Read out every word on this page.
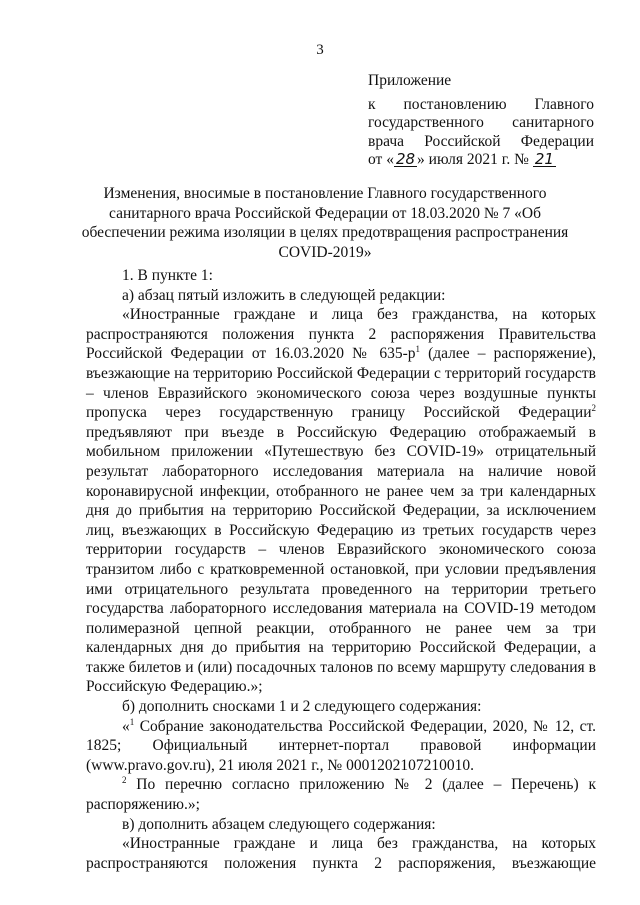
3
Приложение
к постановлению Главного
государственного санитарного
врача Российской Федерации
от « 28 » июля 2021 г. № 21
Изменения, вносимые в постановление Главного государственного санитарного врача Российской Федерации от 18.03.2020 № 7 «Об обеспечении режима изоляции в целях предотвращения распространения COVID-2019»

1. В пункте 1:

а) абзац пятый изложить в следующей редакции:

«Иностранные граждане и лица без гражданства, на которых распространяются положения пункта 2 распоряжения Правительства Российской Федерации от 16.03.2020 № $635-р^1$ (далее – распоряжение), въезжающие на территорию Российской Федерации с территорий государств – членов Евразийского экономического союза через воздушные пункты пропуска через государственную границу Российской Федерации$^2$ предъявляют при въезде в Российскую Федерацию отображаемый в мобильном приложении «Путешествую без COVID-19» отрицательный результат лабораторного исследования материала на наличие новой коронавирусной инфекции, отобранного не ранее чем за три календарных дня до прибытия на территорию Российской Федерации, за исключением лиц, въезжающих в Российскую Федерацию из третьих государств через территории государств – членов Евразийского экономического союза транзитом либо с кратковременной остановкой, при условии предъявления ими отрицательного результата проведенного на территории третьего государства лабораторного исследования материала на COVID-19 методом полимеразной цепной реакции, отобранного не ранее чем за три календарных дня до прибытия на территорию Российской Федерации, а также билетов и (или) посадочных талонов по всему маршруту следования в Российскую Федерацию.»;

б) дополнить сносками 1 и 2 следующего содержания:

«$^1$ Собрание законодательства Российской Федерации, 2020, № 12, ст. 1825; Официальный интернет-портал правовой информации (www.pravo.gov.ru), 21 июля 2021 г., № 0001202107210010.

$^2$ По перечню согласно приложению № 2 (далее – Перечень) к распоряжению.»;

в) дополнить абзацем следующего содержания:

«Иностранные граждане и лица без гражданства, на которых распространяются положения пункта 2 распоряжения, въезжающие
